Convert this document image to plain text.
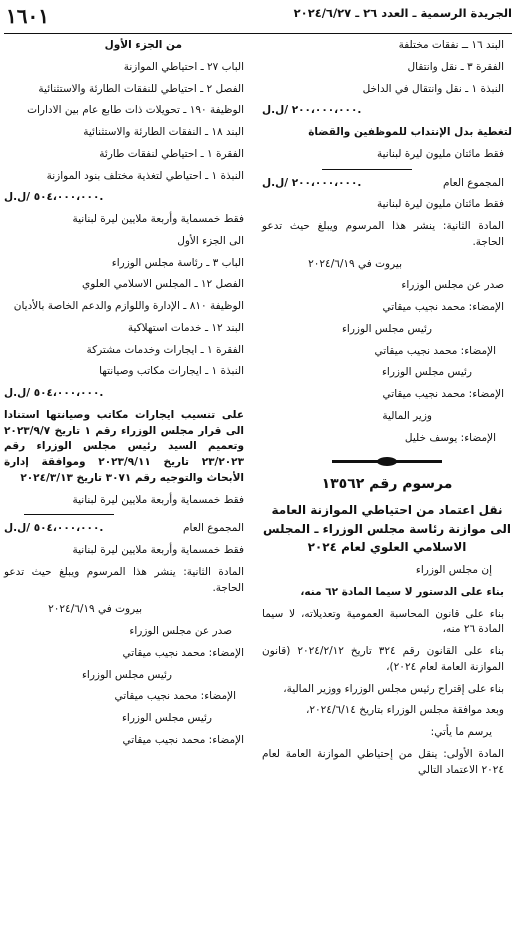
الجريدة الرسمية ـ العدد ٢٦ ـ ٢٠٢٤/٦/٢٧
١٦٠١

البند ١٦ ــ نفقات مختلفة

الفقرة ٣ ـ نقل وانتقال

النبذة ١ ـ نقل وانتقال في الداخل

٢٠٠،٠٠٠،٠٠٠ /ل.ل.

لتغطية بدل الإنتداب للموظفين والقضاة

فقط مائتان مليون ليرة لبنانية

المجموع العام
٢٠٠،٠٠٠،٠٠٠ /ل.ل.

فقط مائتان مليون ليرة لبنانية

المادة الثانية: ينشر هذا المرسوم ويبلغ حيث تدعو الحاجة.

بيروت في ٢٠٢٤/٦/١٩

صدر عن مجلس الوزراء

الإمضاء: محمد نجيب ميقاتي

رئيس مجلس الوزراء

الإمضاء: محمد نجيب ميقاتي

رئيس مجلس الوزراء

الإمضاء: محمد نجيب ميقاتي

وزير المالية

الإمضاء: يوسف خليل

مرسوم رقم ١٣٥٦٢

نقل اعتماد من احتياطي الموازنة العامة الى موازنة رئاسة مجلس الوزراء ـ المجلس الاسلامي العلوي لعام ٢٠٢٤

إن مجلس الوزراء

بناء على الدستور لا سيما المادة ٦٢ منه،

بناء على قانون المحاسبة العمومية وتعديلاته، لا سيما المادة ٢٦ منه،

بناء على القانون رقم ٣٢٤ تاريخ ٢٠٢٤/٢/١٢ (قانون الموازنة العامة لعام ٢٠٢٤)،

بناء على إقتراح رئيس مجلس الوزراء ووزير المالية،

وبعد موافقة مجلس الوزراء بتاريخ ٢٠٢٤/٦/١٤،

يرسم ما يأتي:

المادة الأولى: ينقل من إحتياطي الموازنة العامة لعام ٢٠٢٤ الاعتماد التالي

من الجزء الأول

الباب ٢٧ ـ احتياطي الموازنة

الفصل ٢ ـ احتياطي للنفقات الطارئة والاستثنائية

الوظيفة ١٩٠ ـ تحويلات ذات طابع عام بين الادارات

البند ١٨ ـ النفقات الطارئة والاستثنائية

الفقرة ١ ـ احتياطي لنفقات طارئة

النبذة ١ ـ احتياطي لتغذية مختلف بنود الموازنة

٥٠٤،٠٠٠،٠٠٠ /ل.ل.

فقط خمسماية وأربعة ملايين ليرة لبنانية

الى الجزء الأول

الباب ٣ ـ رئاسة مجلس الوزراء

الفصل ١٢ ـ المجلس الاسلامي العلوي

الوظيفة ٨١٠ ـ الإدارة واللوازم والدعم الخاصة بالأديان

البند ١٢ ـ خدمات استهلاكية

الفقرة ١ ـ ايجارات وخدمات مشتركة

النبذة ١ ـ ايجارات مكاتب وصيانتها

٥٠٤،٠٠٠،٠٠٠ /ل.ل.

على تنسيب ايجارات مكاتب وصيانتها استنادا الى قرار مجلس الوزراء رقم ١ تاريخ ٢٠٢٣/٩/٧ وتعميم السيد رئيس مجلس الوزراء رقم ٢٣/٢٠٢٣ تاريخ ٢٠٢٣/٩/١١ وموافقة إدارة الأبحاث والتوجيه رقم ٣٠٧١ تاريخ ٢٠٢٤/٣/١٣

فقط خمسماية وأربعة ملايين ليرة لبنانية

المجموع العام
٥٠٤،٠٠٠،٠٠٠ /ل.ل.

فقط خمسماية وأربعة ملايين ليرة لبنانية

المادة الثانية: ينشر هذا المرسوم ويبلغ حيث تدعو الحاجة.

بيروت في ٢٠٢٤/٦/١٩

صدر عن مجلس الوزراء

الإمضاء: محمد نجيب ميقاتي

رئيس مجلس الوزراء

الإمضاء: محمد نجيب ميقاتي

رئيس مجلس الوزراء

الإمضاء: محمد نجيب ميقاتي
